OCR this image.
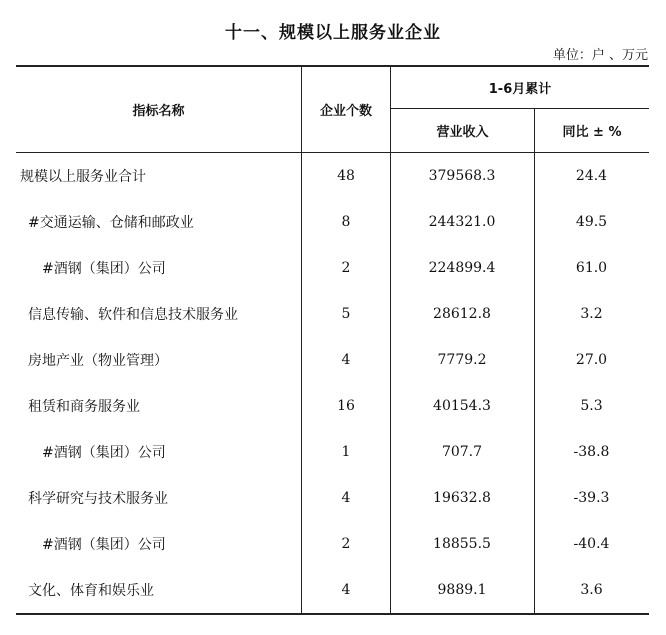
十一、规模以上服务业企业
单位：户 、万元
指标名称	企业个数
1-6月累计
营业收入	同比 ± %
规模以上服务业合计	48	379568.3	24.4
#交通运输、仓储和邮政业	8	244321.0	49.5
#酒钢（集团）公司	2	224899.4	61.0
信息传输、软件和信息技术服务业	5	28612.8	3.2
房地产业（物业管理）	4	7779.2	27.0
租赁和商务服务业	16	40154.3	5.3
#酒钢（集团）公司	1	707.7	-38.8
科学研究与技术服务业	4	19632.8	-39.3
#酒钢（集团）公司	2	18855.5	-40.4
文化、体育和娱乐业	4	9889.1	3.6
